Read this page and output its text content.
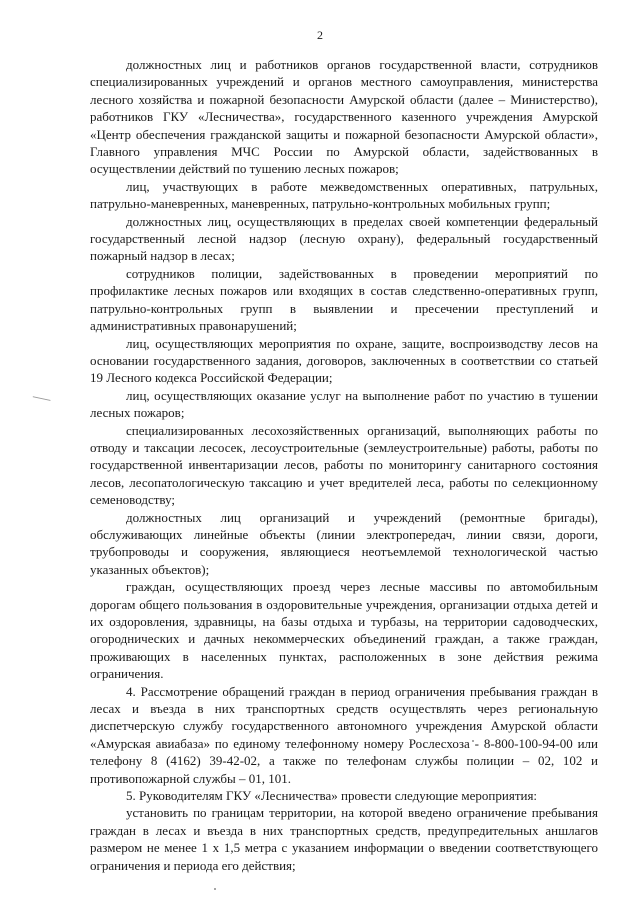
2

должностных лиц и работников органов государственной власти, сотрудников специализированных учреждений и органов местного самоуправления, министерства лесного хозяйства и пожарной безопасности Амурской области (далее – Министерство), работников ГКУ «Лесничества», государственного казенного учреждения Амурской «Центр обеспечения гражданской защиты и пожарной безопасности Амурской области», Главного управления МЧС России по Амурской области, задействованных в осуществлении действий по тушению лесных пожаров;

лиц, участвующих в работе межведомственных оперативных, патрульных, патрульно-маневренных, маневренных, патрульно-контрольных мобильных групп;

должностных лиц, осуществляющих в пределах своей компетенции федеральный государственный лесной надзор (лесную охрану), федеральный государственный пожарный надзор в лесах;

сотрудников полиции, задействованных в проведении мероприятий по профилактике лесных пожаров или входящих в состав следственно-оперативных групп, патрульно-контрольных групп в выявлении и пресечении преступлений и административных правонарушений;

лиц, осуществляющих мероприятия по охране, защите, воспроизводству лесов на основании государственного задания, договоров, заключенных в соответствии со статьей 19 Лесного кодекса Российской Федерации;

лиц, осуществляющих оказание услуг на выполнение работ по участию в тушении лесных пожаров;

специализированных лесохозяйственных организаций, выполняющих работы по отводу и таксации лесосек, лесоустроительные (землеустроительные) работы, работы по государственной инвентаризации лесов, работы по мониторингу санитарного состояния лесов, лесопатологическую таксацию и учет вредителей леса, работы по селекционному семеноводству;

должностных лиц организаций и учреждений (ремонтные бригады), обслуживающих линейные объекты (линии электропередач, линии связи, дороги, трубопроводы и сооружения, являющиеся неотъемлемой технологической частью указанных объектов);

граждан, осуществляющих проезд через лесные массивы по автомобильным дорогам общего пользования в оздоровительные учреждения, организации отдыха детей и их оздоровления, здравницы, на базы отдыха и турбазы, на территории садоводческих, огороднических и дачных некоммерческих объединений граждан, а также граждан, проживающих в населенных пунктах, расположенных в зоне действия режима ограничения.

4. Рассмотрение обращений граждан в период ограничения пребывания граждан в лесах и въезда в них транспортных средств осуществлять через региональную диспетчерскую службу государственного автономного учреждения Амурской области «Амурская авиабаза» по единому телефонному номеру Рослесхоза - 8-800-100-94-00 или телефону 8 (4162) 39-42-02, а также по телефонам службы полиции – 02, 102 и противопожарной службы – 01, 101.

5. Руководителям ГКУ «Лесничества» провести следующие мероприятия:

установить по границам территории, на которой введено ограничение пребывания граждан в лесах и въезда в них транспортных средств, предупредительных аншлагов размером не менее 1 х 1,5 метра с указанием информации о введении соответствующего ограничения и периода его действия;
